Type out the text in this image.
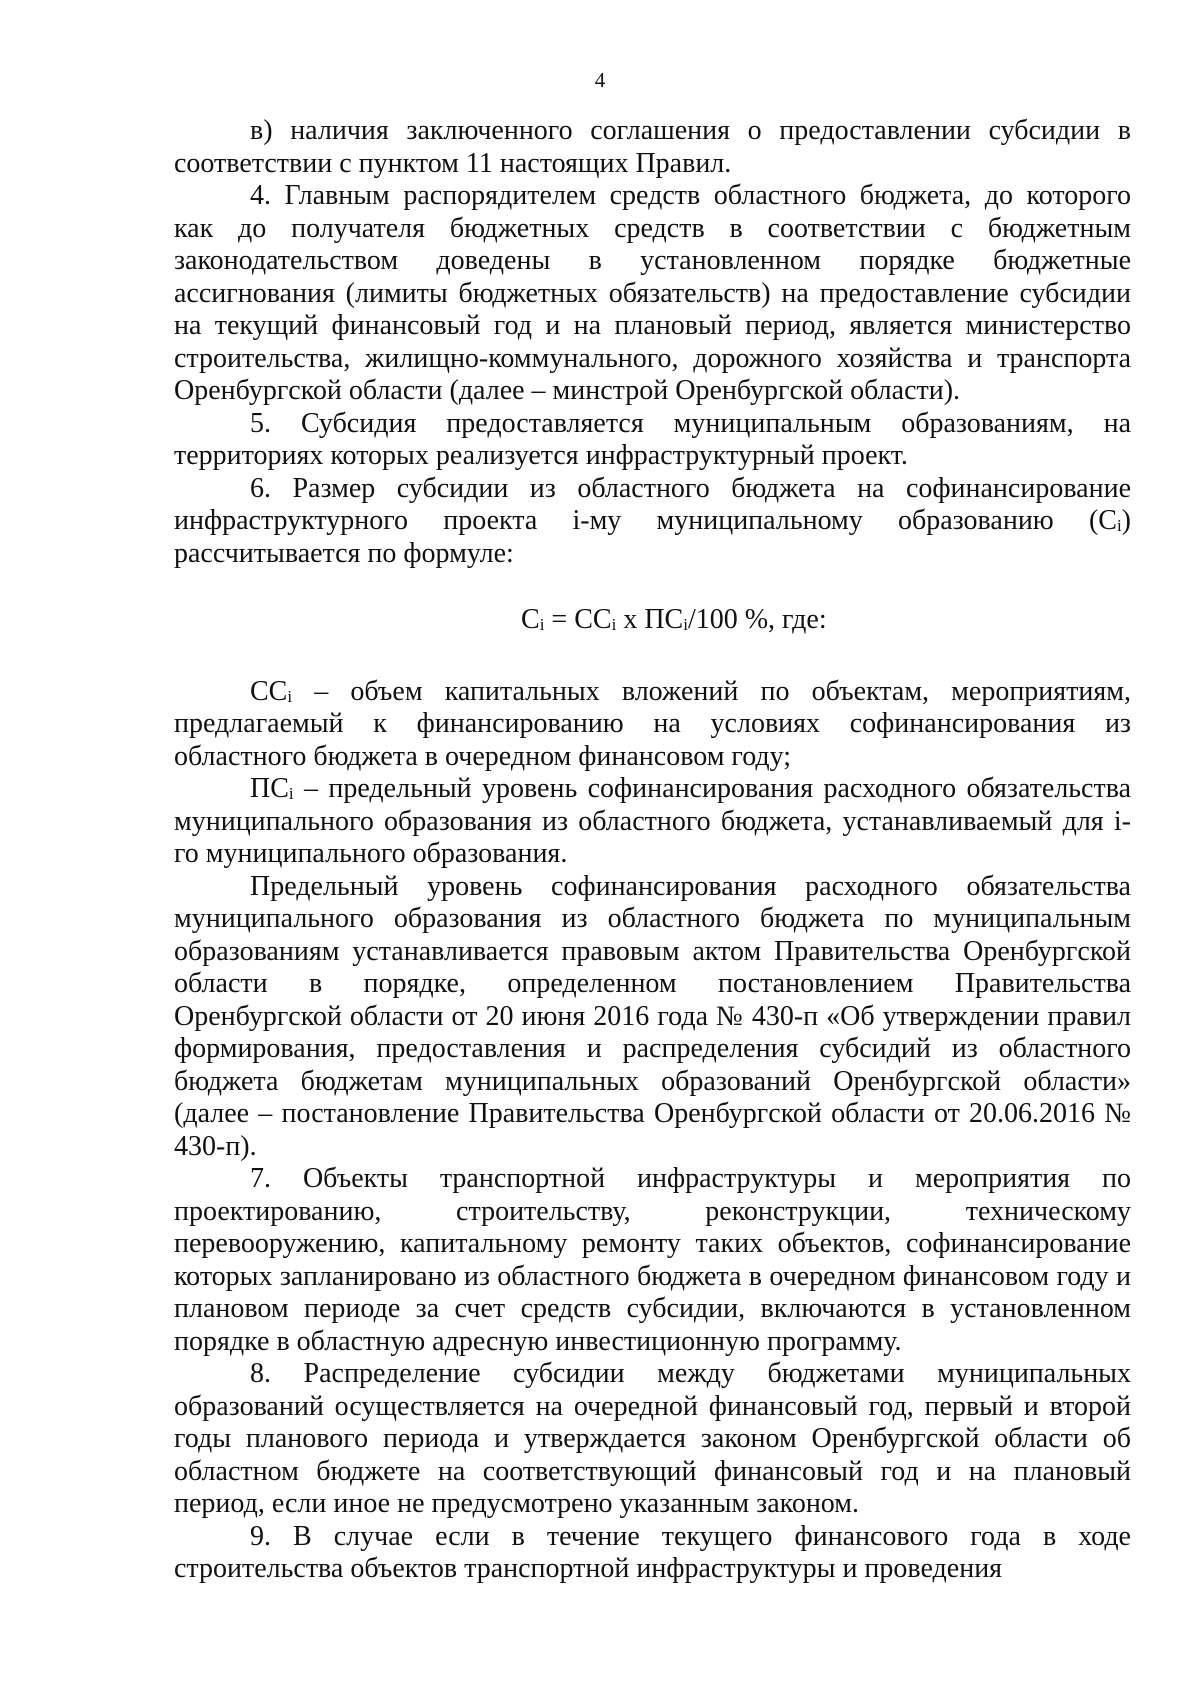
4

в) наличия заключенного соглашения о предоставлении субсидии в соответствии с пунктом 11 настоящих Правил.

4. Главным распорядителем средств областного бюджета, до которого как до получателя бюджетных средств в соответствии с бюджетным законодательством доведены в установленном порядке бюджетные ассигнования (лимиты бюджетных обязательств) на предоставление субсидии на текущий финансовый год и на плановый период, является министерство строительства, жилищно-коммунального, дорожного хозяйства и транспорта Оренбургской области (далее – минстрой Оренбургской области).

5. Субсидия предоставляется муниципальным образованиям, на территориях которых реализуется инфраструктурный проект.

6. Размер субсидии из областного бюджета на софинансирование инфраструктурного проекта і-му муниципальному образованию $(С_і)$ рассчитывается по формуле:

$С_і = СС_і$ х $ПС_і/100$ %, где:

$СС_і$ – объем капитальных вложений по объектам, мероприятиям, предлагаемый к финансированию на условиях софинансирования из областного бюджета в очередном финансовом году;

$ПС_і$ – предельный уровень софинансирования расходного обязательства муниципального образования из областного бюджета, устанавливаемый для і-го муниципального образования.

Предельный уровень софинансирования расходного обязательства муниципального образования из областного бюджета по муниципальным образованиям устанавливается правовым актом Правительства Оренбургской области в порядке, определенном постановлением Правительства Оренбургской области от 20 июня 2016 года № 430-п «Об утверждении правил формирования, предоставления и распределения субсидий из областного бюджета бюджетам муниципальных образований Оренбургской области» (далее – постановление Правительства Оренбургской области от 20.06.2016 № 430-п).

7. Объекты транспортной инфраструктуры и мероприятия по проектированию, строительству, реконструкции, техническому перевооружению, капитальному ремонту таких объектов, софинансирование которых запланировано из областного бюджета в очередном финансовом году и плановом периоде за счет средств субсидии, включаются в установленном порядке в областную адресную инвестиционную программу.

8. Распределение субсидии между бюджетами муниципальных образований осуществляется на очередной финансовый год, первый и второй годы планового периода и утверждается законом Оренбургской области об областном бюджете на соответствующий финансовый год и на плановый период, если иное не предусмотрено указанным законом.

9. В случае если в течение текущего финансового года в ходе строительства объектов транспортной инфраструктуры и проведения
